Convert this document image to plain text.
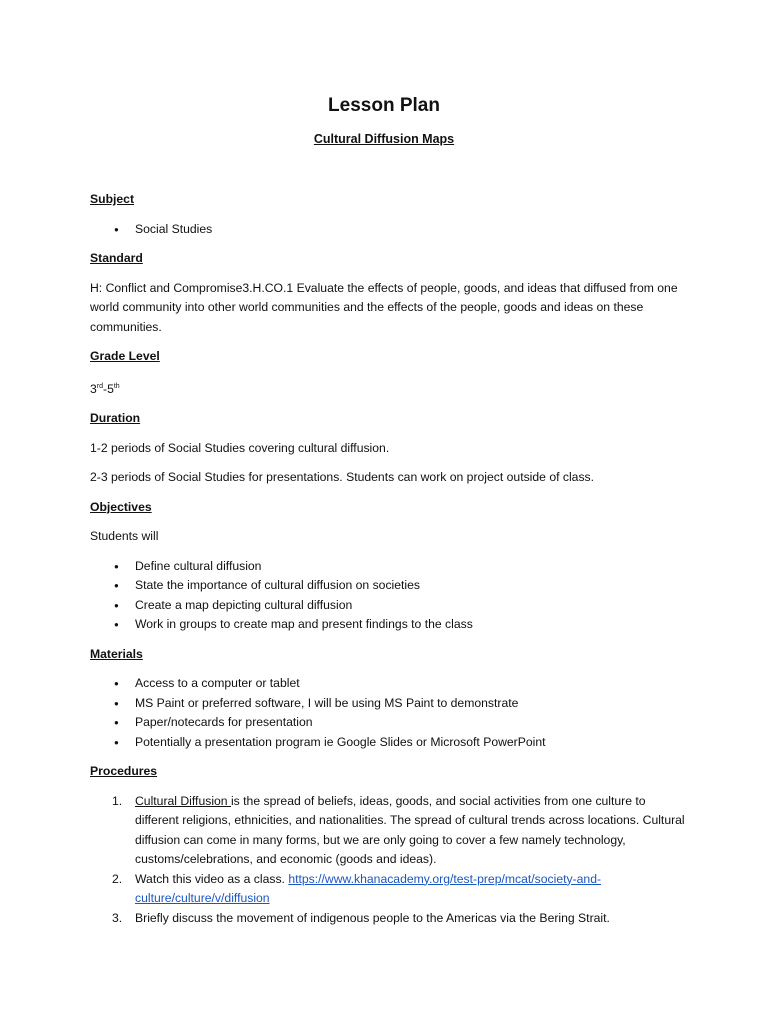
Lesson Plan
Cultural Diffusion Maps
Subject
● Social Studies
Standard
H: Conflict and Compromise3.H.CO.1 Evaluate the effects of people, goods, and ideas that diffused from one world community into other world communities and the effects of the people, goods and ideas on these communities.
Grade Level
3rd-5th
Duration
1-2 periods of Social Studies covering cultural diffusion.
2-3 periods of Social Studies for presentations. Students can work on project outside of class.
Objectives
Students will
● Define cultural diffusion
● State the importance of cultural diffusion on societies
● Create a map depicting cultural diffusion
● Work in groups to create map and present findings to the class
Materials
● Access to a computer or tablet
● MS Paint or preferred software, I will be using MS Paint to demonstrate
● Paper/notecards for presentation
● Potentially a presentation program ie Google Slides or Microsoft PowerPoint
Procedures
1. Cultural Diffusion is the spread of beliefs, ideas, goods, and social activities from one culture to different religions, ethnicities, and nationalities. The spread of cultural trends across locations. Cultural diffusion can come in many forms, but we are only going to cover a few namely technology, customs/celebrations, and economic (goods and ideas).
2. Watch this video as a class. https://www.khanacademy.org/test-prep/mcat/society-and-culture/culture/v/diffusion
3. Briefly discuss the movement of indigenous people to the Americas via the Bering Strait.
